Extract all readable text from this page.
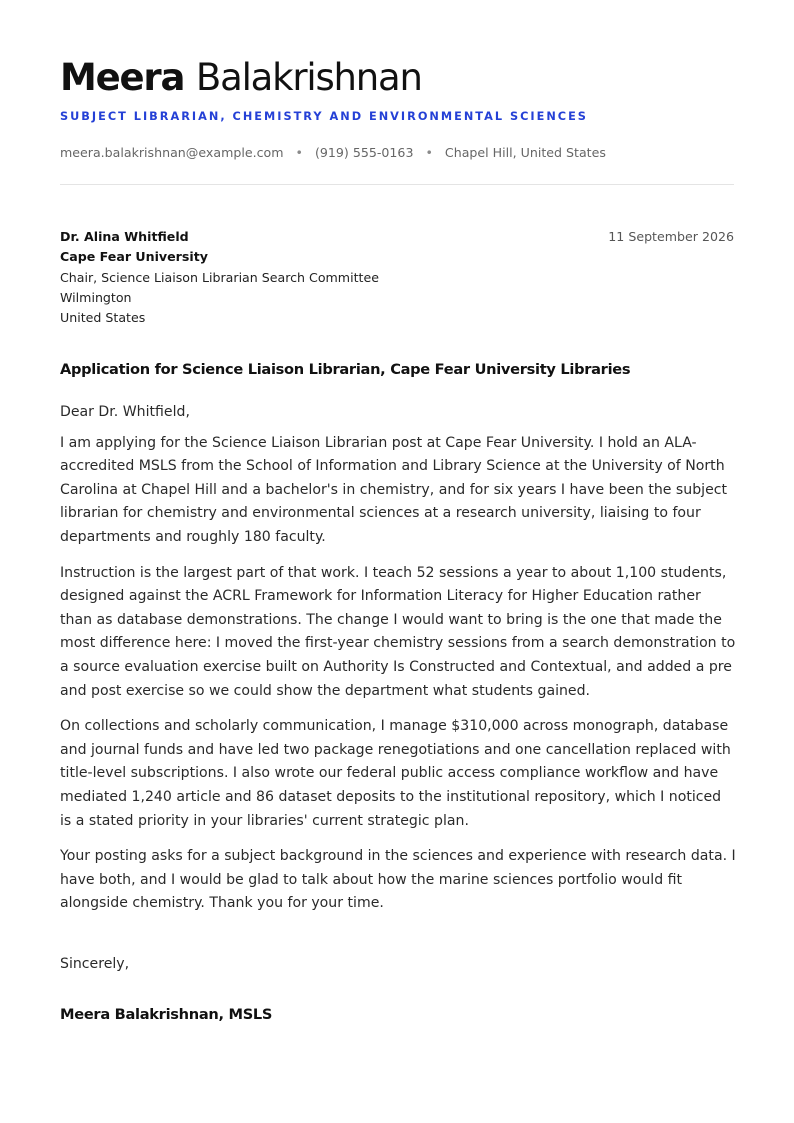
Meera Balakrishnan
SUBJECT LIBRARIAN, CHEMISTRY AND ENVIRONMENTAL SCIENCES
meera.balakrishnan@example.com • (919) 555-0163 • Chapel Hill, United States
Dr. Alina Whitfield
Cape Fear University
Chair, Science Liaison Librarian Search Committee
Wilmington
United States
11 September 2026
Application for Science Liaison Librarian, Cape Fear University Libraries

Dear Dr. Whitfield,

I am applying for the Science Liaison Librarian post at Cape Fear University. I hold an ALA-accredited MSLS from the School of Information and Library Science at the University of North Carolina at Chapel Hill and a bachelor's in chemistry, and for six years I have been the subject librarian for chemistry and environmental sciences at a research university, liaising to four departments and roughly 180 faculty.

Instruction is the largest part of that work. I teach 52 sessions a year to about 1,100 students, designed against the ACRL Framework for Information Literacy for Higher Education rather than as database demonstrations. The change I would want to bring is the one that made the most difference here: I moved the first-year chemistry sessions from a search demonstration to a source evaluation exercise built on Authority Is Constructed and Contextual, and added a pre and post exercise so we could show the department what students gained.

On collections and scholarly communication, I manage $310,000 across monograph, database and journal funds and have led two package renegotiations and one cancellation replaced with title-level subscriptions. I also wrote our federal public access compliance workflow and have mediated 1,240 article and 86 dataset deposits to the institutional repository, which I noticed is a stated priority in your libraries' current strategic plan.

Your posting asks for a subject background in the sciences and experience with research data. I have both, and I would be glad to talk about how the marine sciences portfolio would fit alongside chemistry. Thank you for your time.

Sincerely,
Meera Balakrishnan, MSLS
